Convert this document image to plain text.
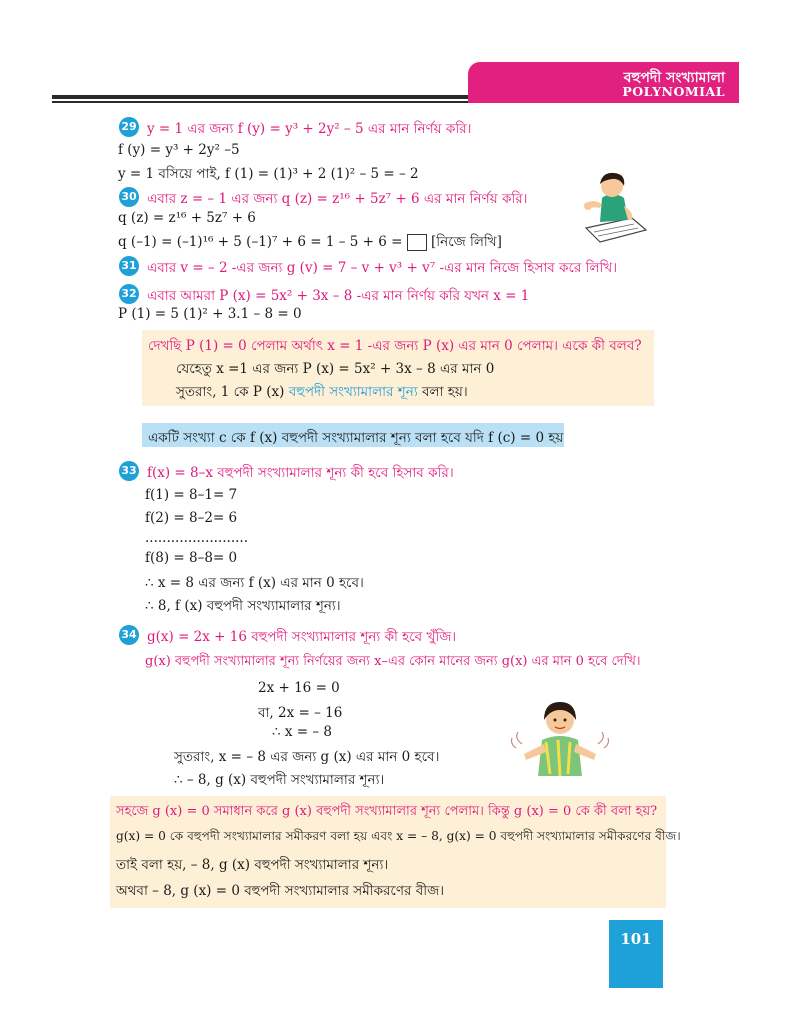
বহুপদী সংখ্যামালা
POLYNOMIAL
29 y = 1 এর জন্য f (y) = y³ + 2y² – 5 এর মান নির্ণয় করি।
f (y) = y³ + 2y² –5
y = 1 বসিয়ে পাই, f (1) = (1)³ + 2 (1)² – 5 = – 2
30 এবার z = – 1 এর জন্য q (z) = z¹⁶ + 5z⁷ + 6 এর মান নির্ণয় করি।
q (z) = z¹⁶ + 5z⁷ + 6
q (–1) = (–1)¹⁶ + 5 (–1)⁷ + 6 = 1 – 5 + 6 = [নিজে লিখি]
31 এবার v = – 2 -এর জন্য g (v) = 7 – v + v³ + v⁷ -এর মান নিজে হিসাব করে লিখি।
32 এবার আমরা P (x) = 5x² + 3x – 8 -এর মান নির্ণয় করি যখন x = 1
P (1) = 5 (1)² + 3.1 – 8 = 0
দেখছি P (1) = 0 পেলাম অর্থাৎ x = 1 -এর জন্য P (x) এর মান 0 পেলাম। একে কী বলব?
যেহেতু x =1 এর জন্য P (x) = 5x² + 3x – 8 এর মান 0
সুতরাং, 1 কে P (x) বহুপদী সংখ্যামালার শূন্য বলা হয়।
একটি সংখ্যা c কে f (x) বহুপদী সংখ্যামালার শূন্য বলা হবে যদি f (c) = 0 হয়
33 f(x) = 8–x বহুপদী সংখ্যামালার শূন্য কী হবে হিসাব করি।
f(1) = 8–1= 7
f(2) = 8–2= 6
........................
f(8) = 8–8= 0
∴ x = 8 এর জন্য f (x) এর মান 0 হবে।
∴ 8, f (x) বহুপদী সংখ্যামালার শূন্য।
34 g(x) = 2x + 16 বহুপদী সংখ্যামালার শূন্য কী হবে খুঁজি।
g(x) বহুপদী সংখ্যামালার শূন্য নির্ণয়ের জন্য x–এর কোন মানের জন্য g(x) এর মান 0 হবে দেখি।
2x + 16 = 0
বা, 2x = – 16
∴ x = – 8
সুতরাং, x = – 8 এর জন্য g (x) এর মান 0 হবে।
∴ – 8, g (x) বহুপদী সংখ্যামালার শূন্য।
সহজে g (x) = 0 সমাধান করে g (x) বহুপদী সংখ্যামালার শূন্য পেলাম। কিন্তু g (x) = 0 কে কী বলা হয়?
g(x) = 0 কে বহুপদী সংখ্যামালার সমীকরণ বলা হয় এবং x = – 8, g(x) = 0 বহুপদী সংখ্যামালার সমীকরণের বীজ।
তাই বলা হয়, – 8, g (x) বহুপদী সংখ্যামালার শূন্য।
অথবা – 8, g (x) = 0 বহুপদী সংখ্যামালার সমীকরণের বীজ।
101
